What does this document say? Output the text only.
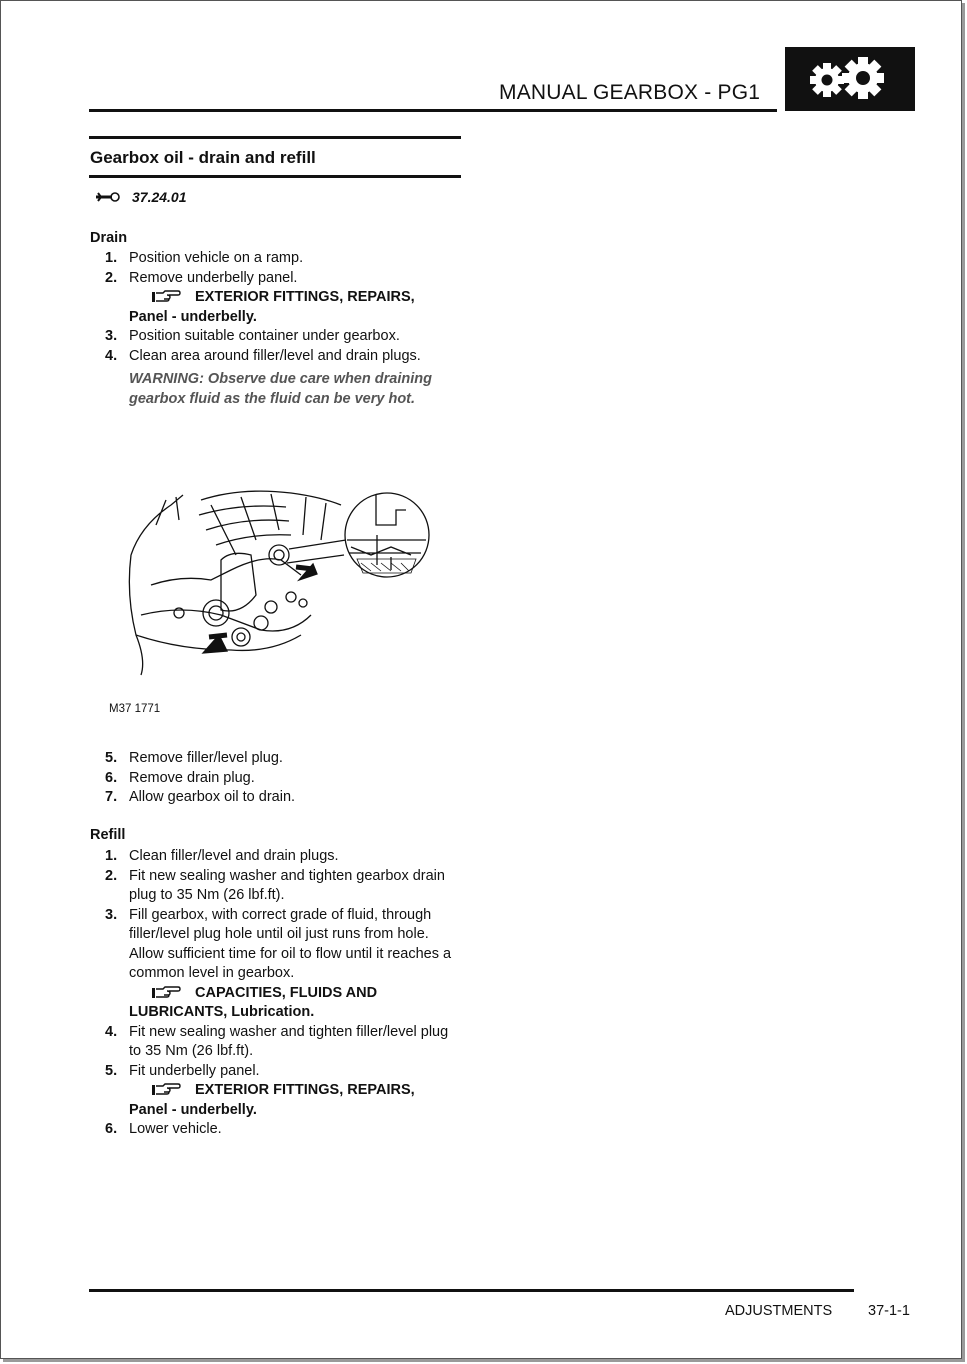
MANUAL GEARBOX - PG1
Gearbox oil - drain and refill
37.24.01
Drain
1. Position vehicle on a ramp.
2. Remove underbelly panel.
EXTERIOR FITTINGS, REPAIRS,
Panel - underbelly.
3. Position suitable container under gearbox.
4. Clean area around filler/level and drain plugs.
WARNING: Observe due care when draining gearbox fluid as the fluid can be very hot.
M37 1771
5. Remove filler/level plug.
6. Remove drain plug.
7. Allow gearbox oil to drain.
Refill
1. Clean filler/level and drain plugs.
2. Fit new sealing washer and tighten gearbox drain plug to 35 Nm (26 lbf.ft).
3. Fill gearbox, with correct grade of fluid, through filler/level plug hole until oil just runs from hole. Allow sufficient time for oil to flow until it reaches a common level in gearbox.
CAPACITIES, FLUIDS AND
LUBRICANTS, Lubrication.
4. Fit new sealing washer and tighten filler/level plug to 35 Nm (26 lbf.ft).
5. Fit underbelly panel.
EXTERIOR FITTINGS, REPAIRS,
Panel - underbelly.
6. Lower vehicle.
ADJUSTMENTS 37-1-1
